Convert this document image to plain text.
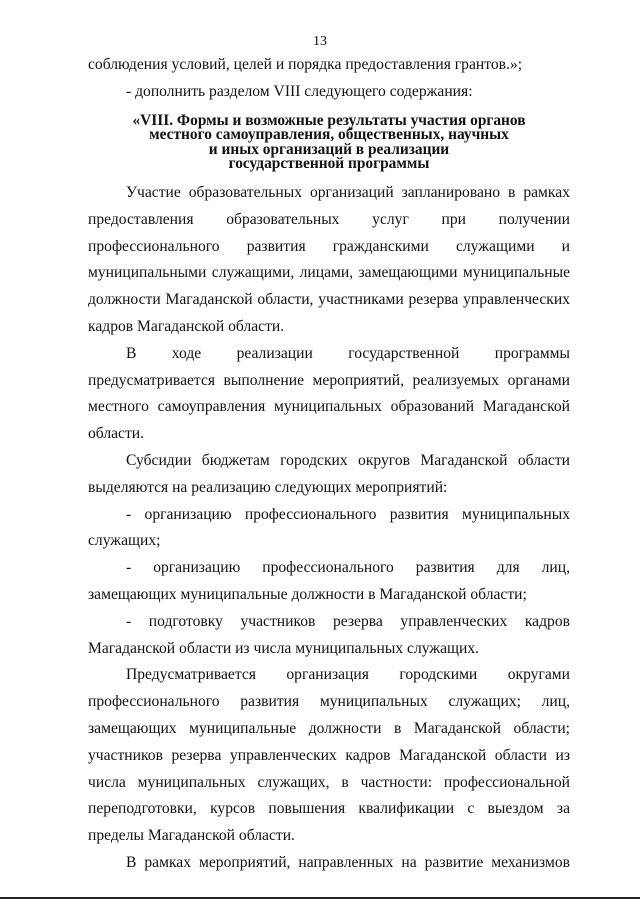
13

соблюдения условий, целей и порядка предоставления грантов.»;

- дополнить разделом VIII следующего содержания:

«VIII. Формы и возможные результаты участия органов
местного самоуправления, общественных, научных
и иных организаций в реализации
государственной программы

Участие образовательных организаций запланировано в рамках предоставления образовательных услуг при получении профессионального развития гражданскими служащими и муниципальными служащими, лицами, замещающими муниципальные должности Магаданской области, участниками резерва управленческих кадров Магаданской области.

В ходе реализации государственной программы предусматривается выполнение мероприятий, реализуемых органами местного самоуправления муниципальных образований Магаданской области.

Субсидии бюджетам городских округов Магаданской области выделяются на реализацию следующих мероприятий:

- организацию профессионального развития муниципальных служащих;

- организацию профессионального развития для лиц, замещающих муниципальные должности в Магаданской области;

- подготовку участников резерва управленческих кадров Магаданской области из числа муниципальных служащих.

Предусматривается организация городскими округами профессионального развития муниципальных служащих; лиц, замещающих муниципальные должности в Магаданской области; участников резерва управленческих кадров Магаданской области из числа муниципальных служащих, в частности: профессиональной переподготовки, курсов повышения квалификации с выездом за пределы Магаданской области.

В рамках мероприятий, направленных на развитие механизмов
